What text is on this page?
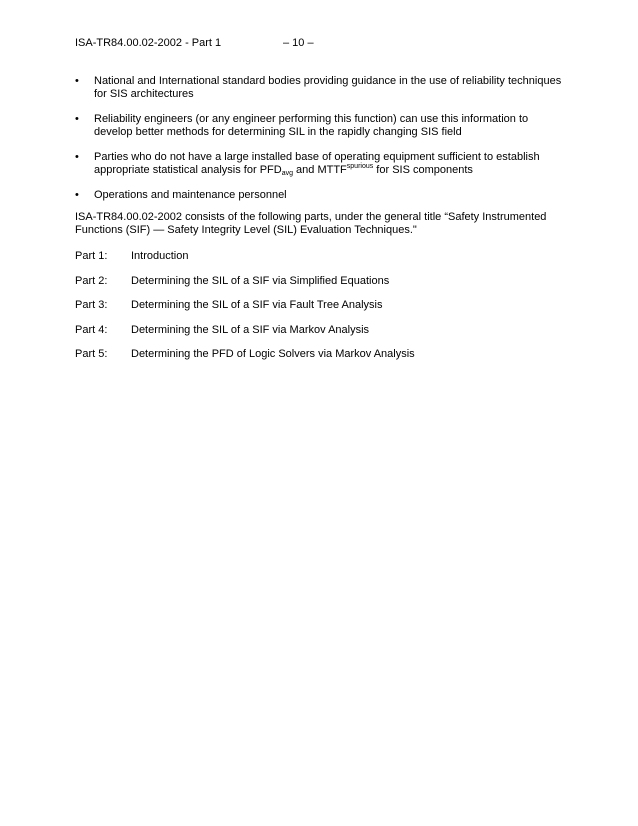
ISA-TR84.00.02-2002 - Part 1	– 10 –
• National and International standard bodies providing guidance in the use of reliability techniques for SIS architectures
• Reliability engineers (or any engineer performing this function) can use this information to develop better methods for determining SIL in the rapidly changing SIS field
• Parties who do not have a large installed base of operating equipment sufficient to establish
appropriate statistical analysis for $PFD_{avg}$ and $MTTF^{spurious}$ for SIS components
• Operations and maintenance personnel
ISA-TR84.00.02-2002 consists of the following parts, under the general title “Safety Instrumented Functions (SIF) — Safety Integrity Level (SIL) Evaluation Techniques."
Part 1: Introduction
Part 2: Determining the SIL of a SIF via Simplified Equations
Part 3: Determining the SIL of a SIF via Fault Tree Analysis
Part 4: Determining the SIL of a SIF via Markov Analysis
Part 5: Determining the PFD of Logic Solvers via Markov Analysis
